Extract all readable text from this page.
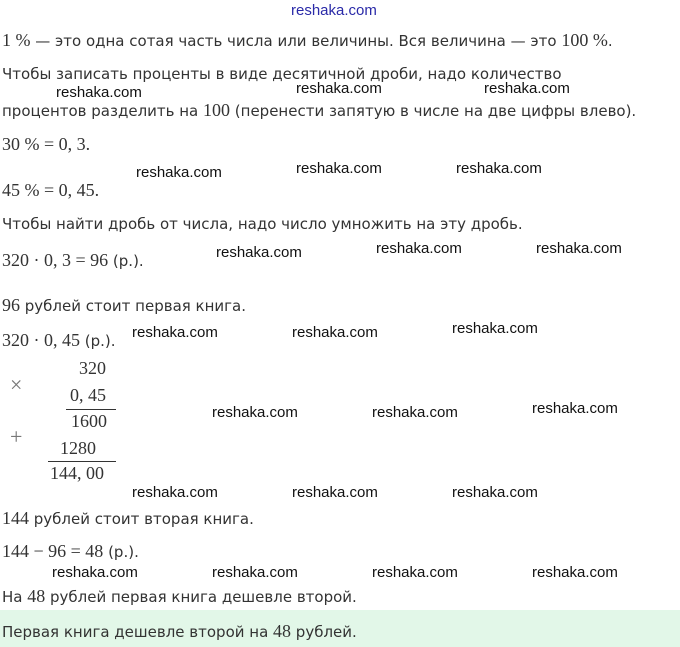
reshaka.com
1 % — это одна сотая часть числа или величины. Вся величина — это 100 %.
Чтобы записать проценты в виде десятичной дроби, надо количество
процентов разделить на 100 (перенести запятую в числе на две цифры влево).
30 % = 0, 3.
45 % = 0, 45.
Чтобы найти дробь от числа, надо число умножить на эту дробь.
320 · 0, 3 = 96 (р.).
96 рублей стоит первая книга.
320 · 0, 45 (р.).
×
320
0, 45
1600
+ 1280
144, 00
144 рублей стоит вторая книга.
144 − 96 = 48 (р.).
На 48 рублей первая книга дешевле второй.
Первая книга дешевле второй на 48 рублей.
reshaka.com	reshaka.com	reshaka.com
reshaka.com	reshaka.com	reshaka.com
reshaka.com	reshaka.com	reshaka.com
reshaka.com	reshaka.com	reshaka.com
reshaka.com	reshaka.com	reshaka.com
reshaka.com	reshaka.com	reshaka.com
reshaka.com	reshaka.com	reshaka.com	reshaka.com
